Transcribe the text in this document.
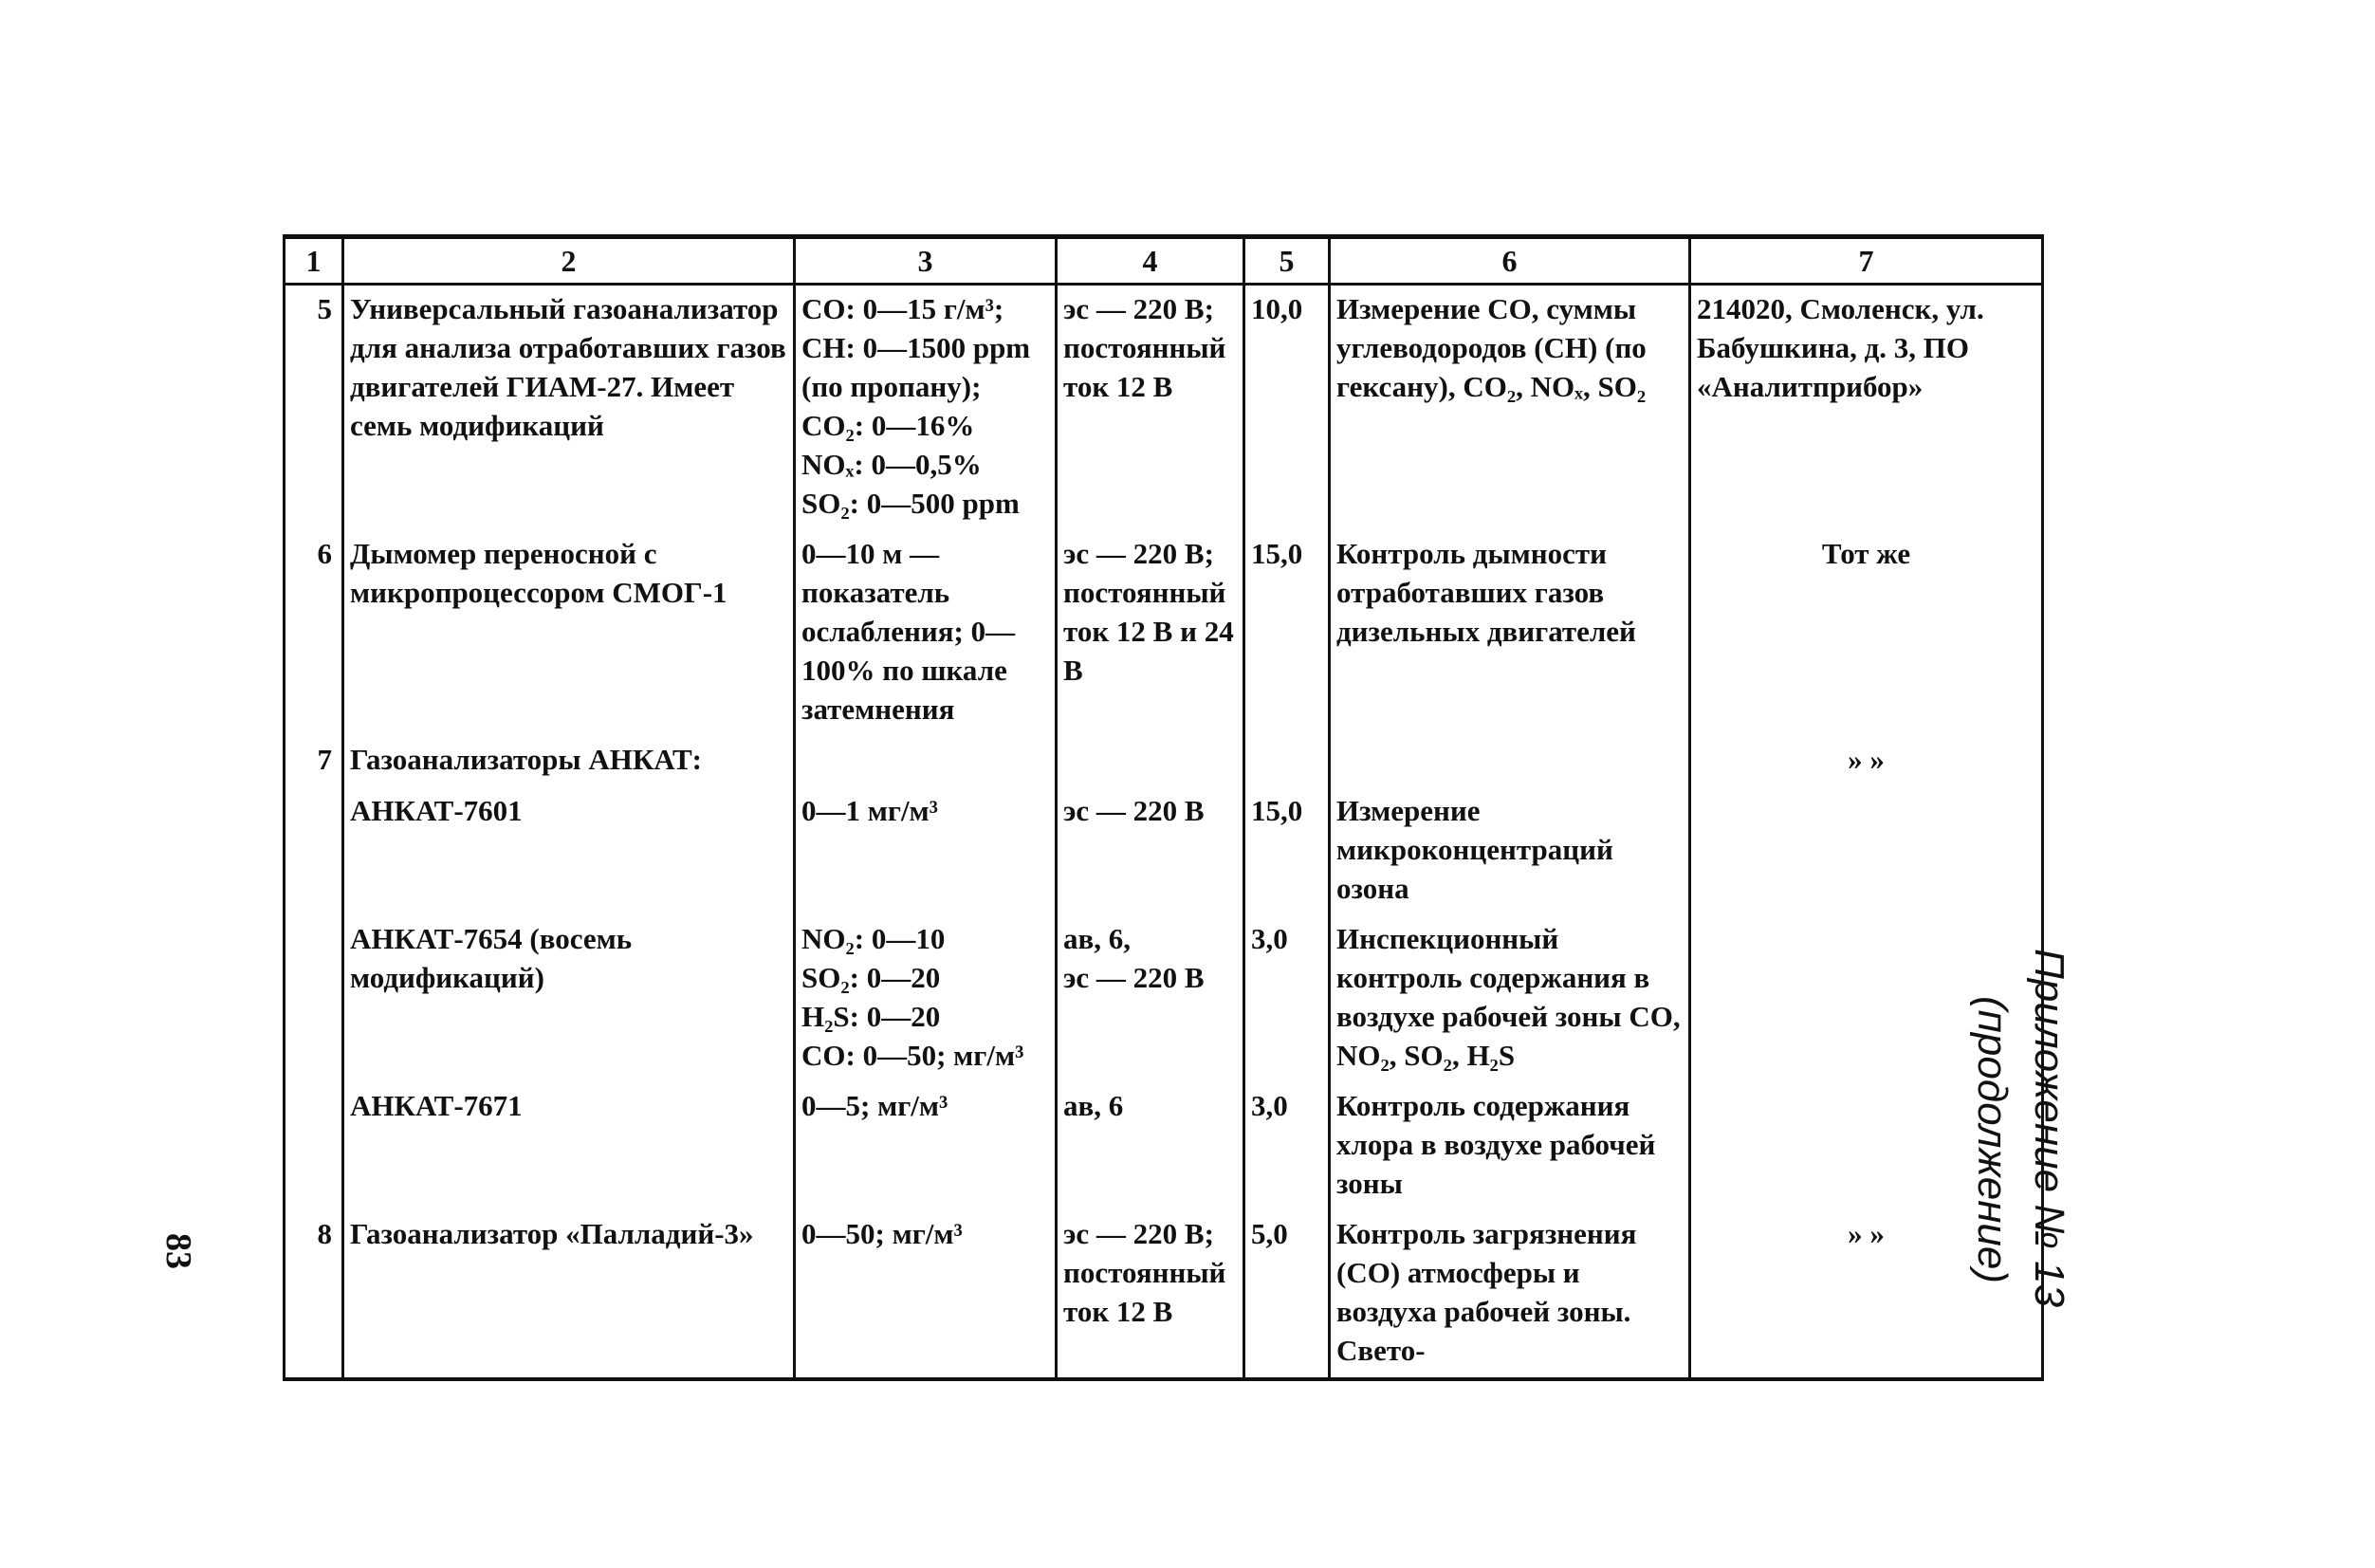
1	2	3	4	5	6	7
5	Универсальный газоанализатор для анализа отработавших газов двигателей ГИАМ-27. Имеет семь модификаций	CO: 0—15 г/м³;
CH: 0—1500 ppm (по пропану);
CO₂: 0—16%
NOₓ: 0—0,5%
SO₂: 0—500 ppm	эс — 220 В; постоянный ток 12 В	10,0	Измерение CO, суммы углеводородов (CH) (по гексану), CO₂, NOₓ, SO₂	214020, Смоленск, ул. Бабушкина, д. 3, ПО «Аналитприбор»
6	Дымомер переносной с микропроцессором СМОГ-1	0—10 м — показатель ослабления; 0—100% по шкале затемнения	эс — 220 В; постоянный ток 12 В и 24 В	15,0	Контроль дымности отработавших газов дизельных двигателей	Тот же
7	Газоанализаторы АНКАТ:					» »
	АНКАТ-7601	0—1 мг/м³	эс — 220 В	15,0	Измерение микроконцентраций озона	
	АНКАТ-7654 (восемь модификаций)	NO₂: 0—10
SO₂: 0—20
H₂S: 0—20
CO: 0—50; мг/м³	ав, 6,
эс — 220 В	3,0	Инспекционный контроль содержания в воздухе рабочей зоны CO, NO₂, SO₂, H₂S	
	АНКАТ-7671	0—5; мг/м³	ав, 6	3,0	Контроль содержания хлора в воздухе рабочей зоны	
8	Газоанализатор «Палладий-3»	0—50; мг/м³	эс — 220 В; постоянный ток 12 В	5,0	Контроль загрязнения (CO) атмосферы и воздуха рабочей зоны. Свето-	» »	Приложение № 13
(продолжение)
83
